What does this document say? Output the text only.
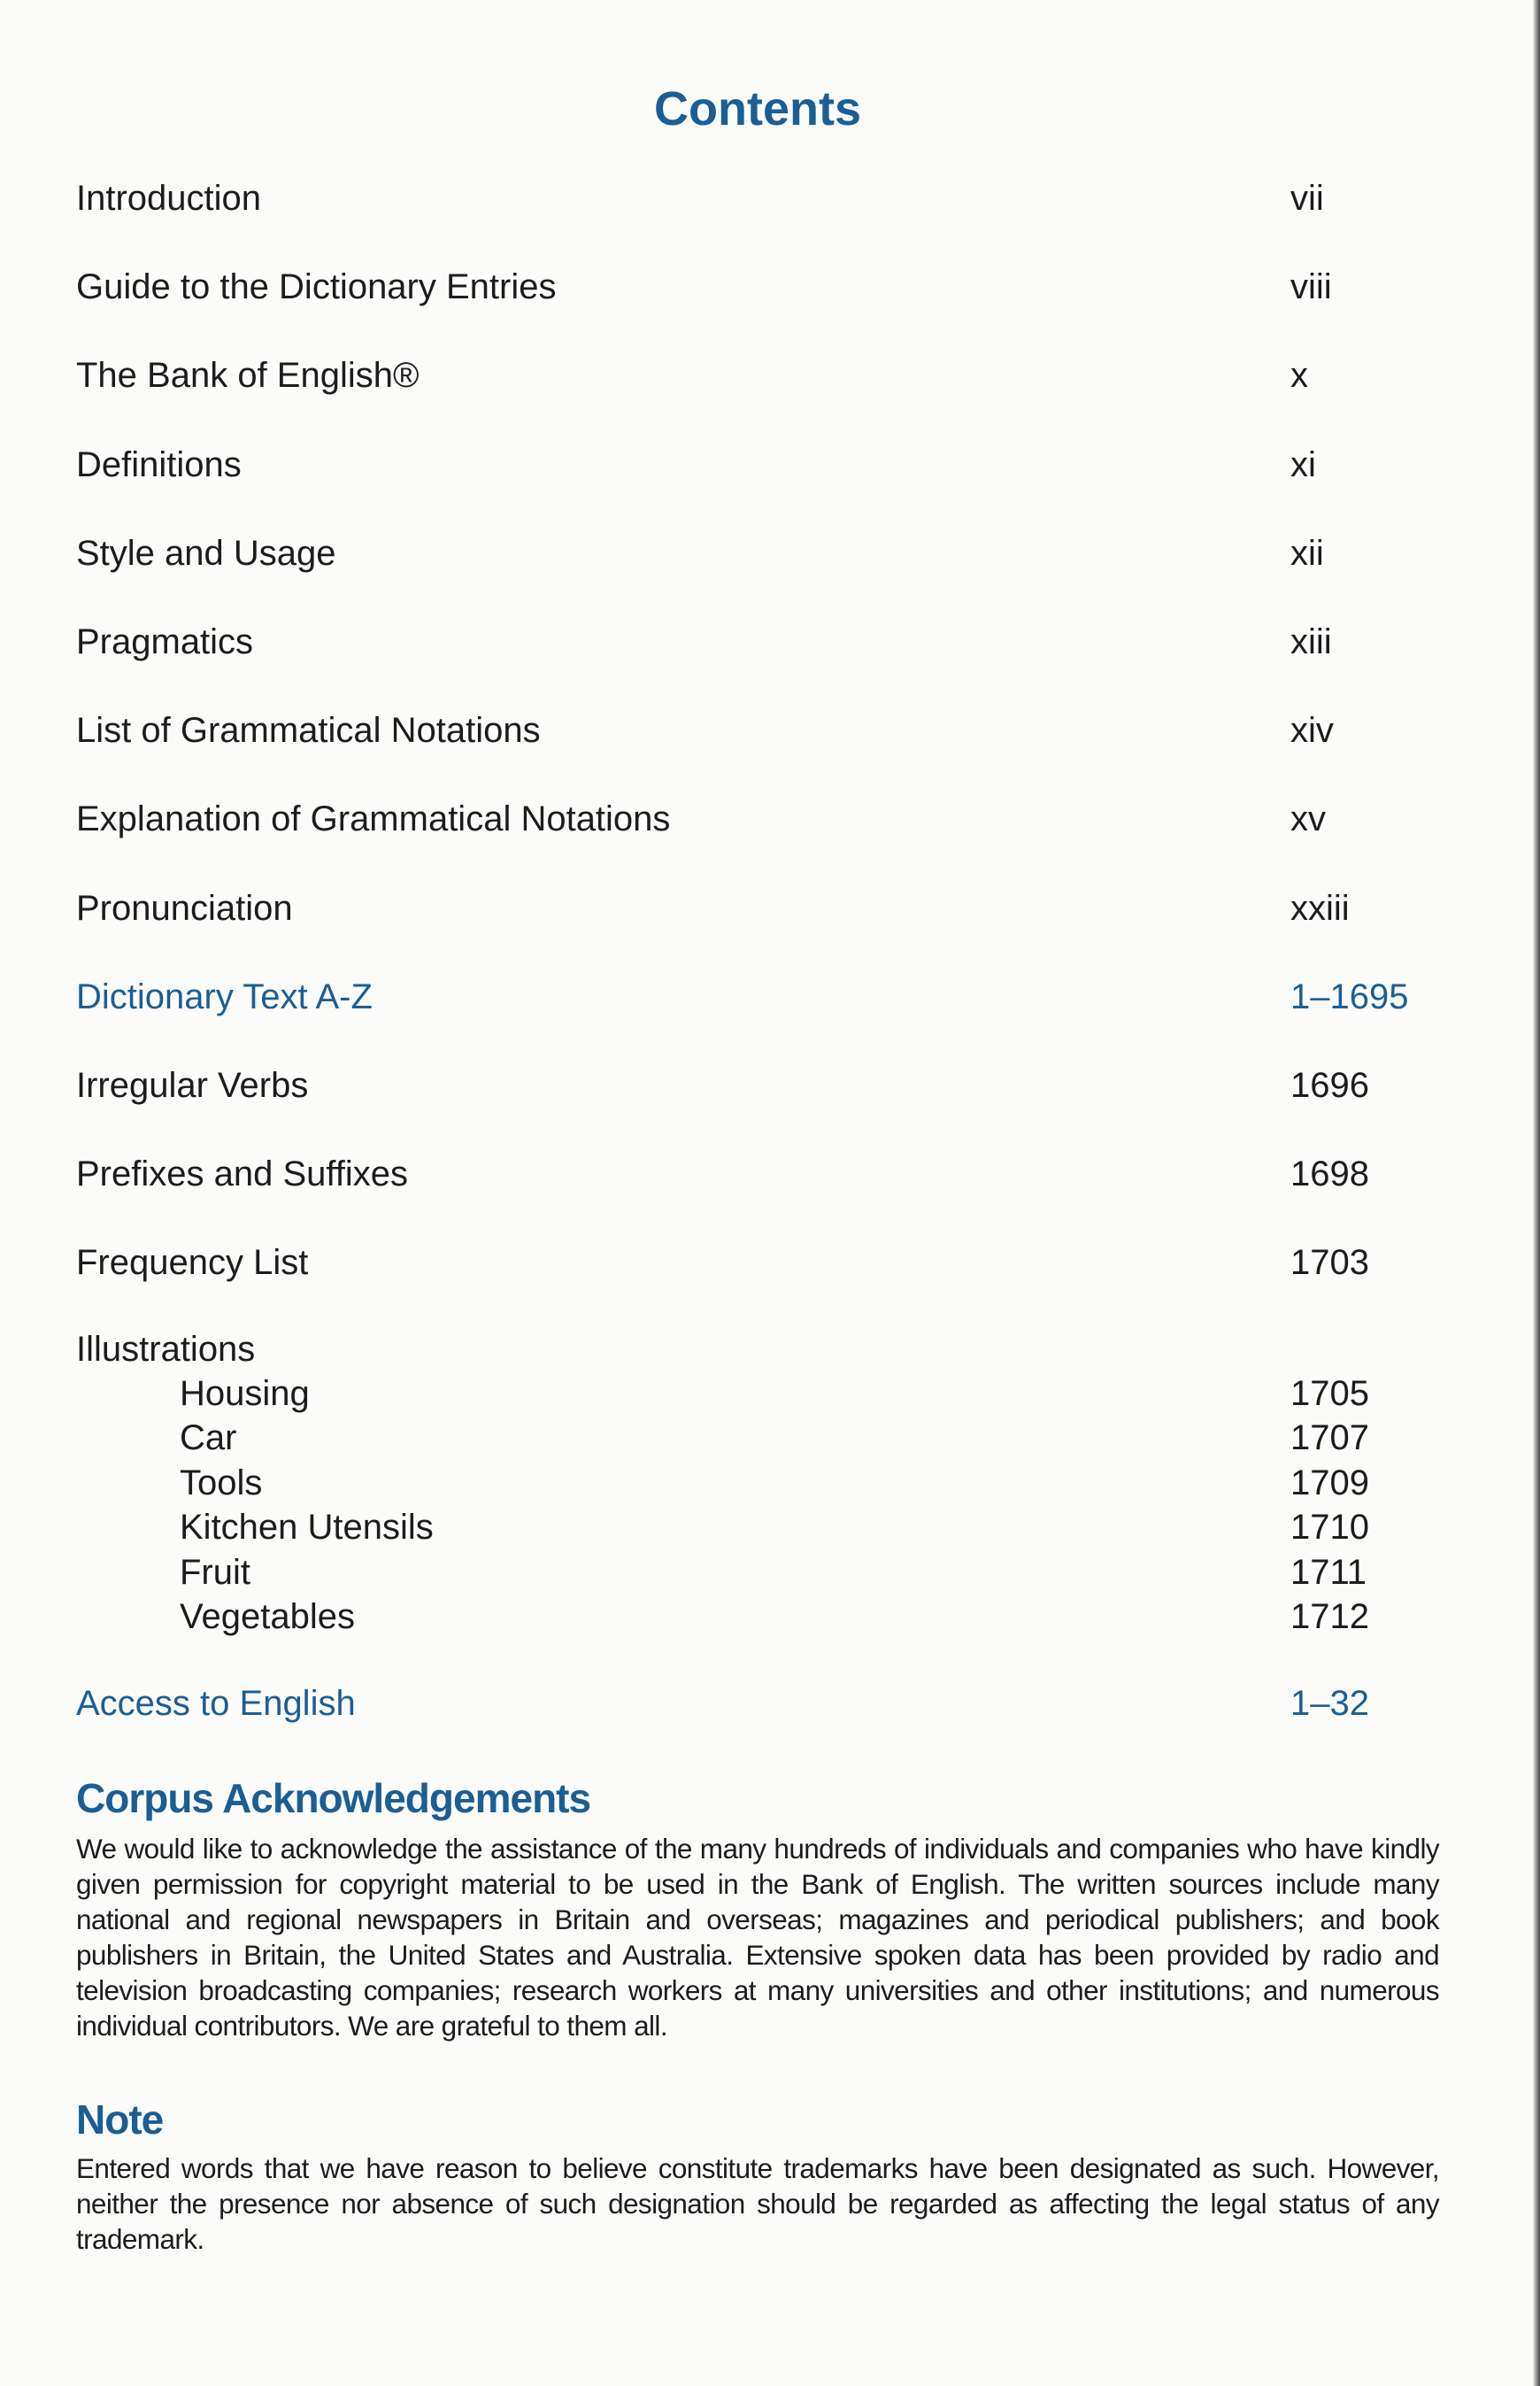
Contents
Introduction	vii
Guide to the Dictionary Entries	viii
The Bank of English®	x
Definitions	xi
Style and Usage	xii
Pragmatics	xiii
List of Grammatical Notations	xiv
Explanation of Grammatical Notations	xv
Pronunciation	xxiii
Dictionary Text A-Z	1–1695
Irregular Verbs	1696
Prefixes and Suffixes	1698
Frequency List	1703
Illustrations
Housing	1705
Car	1707
Tools	1709
Kitchen Utensils	1710
Fruit	1711
Vegetables	1712
Access to English	1–32
Corpus Acknowledgements

We would like to acknowledge the assistance of the many hundreds of individuals and companies who have kindly given permission for copyright material to be used in the Bank of English. The written sources include many national and regional newspapers in Britain and overseas; magazines and periodical publishers; and book publishers in Britain, the United States and Australia. Extensive spoken data has been provided by radio and television broadcasting companies; research workers at many universities and other institutions; and numerous individual contributors. We are grateful to them all.

Note

Entered words that we have reason to believe constitute trademarks have been designated as such. However, neither the presence nor absence of such designation should be regarded as affecting the legal status of any trademark.
